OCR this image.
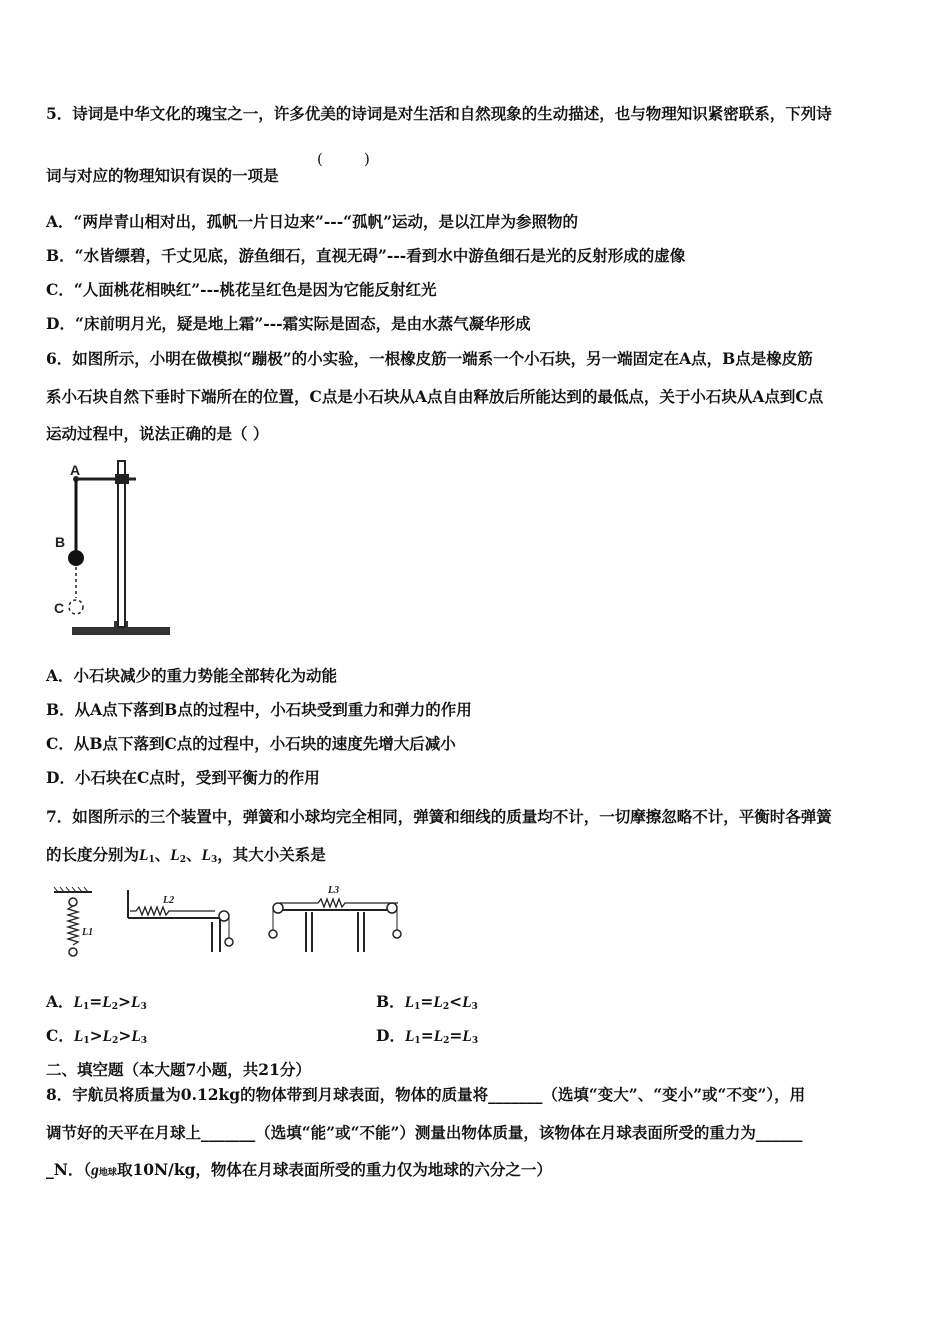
5．诗词是中华文化的瑰宝之一，许多优美的诗词是对生活和自然现象的生动描述，也与物理知识紧密联系，下列诗
词与对应的物理知识有误的一项是
(	)
A．“两岸青山相对出，孤帆一片日边来”---“孤帆”运动，是以江岸为参照物的
B．“水皆缥碧，千丈见底，游鱼细石，直视无碍”---看到水中游鱼细石是光的反射形成的虚像
C．“人面桃花相映红”---桃花呈红色是因为它能反射红光
D．“床前明月光，疑是地上霜”---霜实际是固态，是由水蒸气凝华形成
6．如图所示，小明在做模拟“蹦极”的小实验，一根橡皮筋一端系一个小石块，另一端固定在A点，B点是橡皮筋
系小石块自然下垂时下端所在的位置，C点是小石块从A点自由释放后所能达到的最低点，关于小石块从A点到C点
运动过程中，说法正确的是（ ）
A
B
C
A．小石块减少的重力势能全部转化为动能
B．从A点下落到B点的过程中，小石块受到重力和弹力的作用
C．从B点下落到C点的过程中，小石块的速度先增大后减小
D．小石块在C点时，受到平衡力的作用
7．如图所示的三个装置中，弹簧和小球均完全相同，弹簧和细线的质量均不计，一切摩擦忽略不计，平衡时各弹簧
的长度分别为$L_1$、$L_2$、$L_3$，其大小关系是
L1
L2
L3
A．$L_1=L_2>L_3$	B．$L_1=L_2<L_3$
C．$L_1>L_2>L_3$	D．$L_1=L_2=L_3$
二、填空题（本大题7小题，共21分）
8．宇航员将质量为0.12kg的物体带到月球表面，物体的质量将_______（选填“变大”、“变小”或“不变”），用
调节好的天平在月球上_______（选填“能”或“不能”）测量出物体质量，该物体在月球表面所受的重力为______
_N．（g地球取10N/kg，物体在月球表面所受的重力仅为地球的六分之一）
